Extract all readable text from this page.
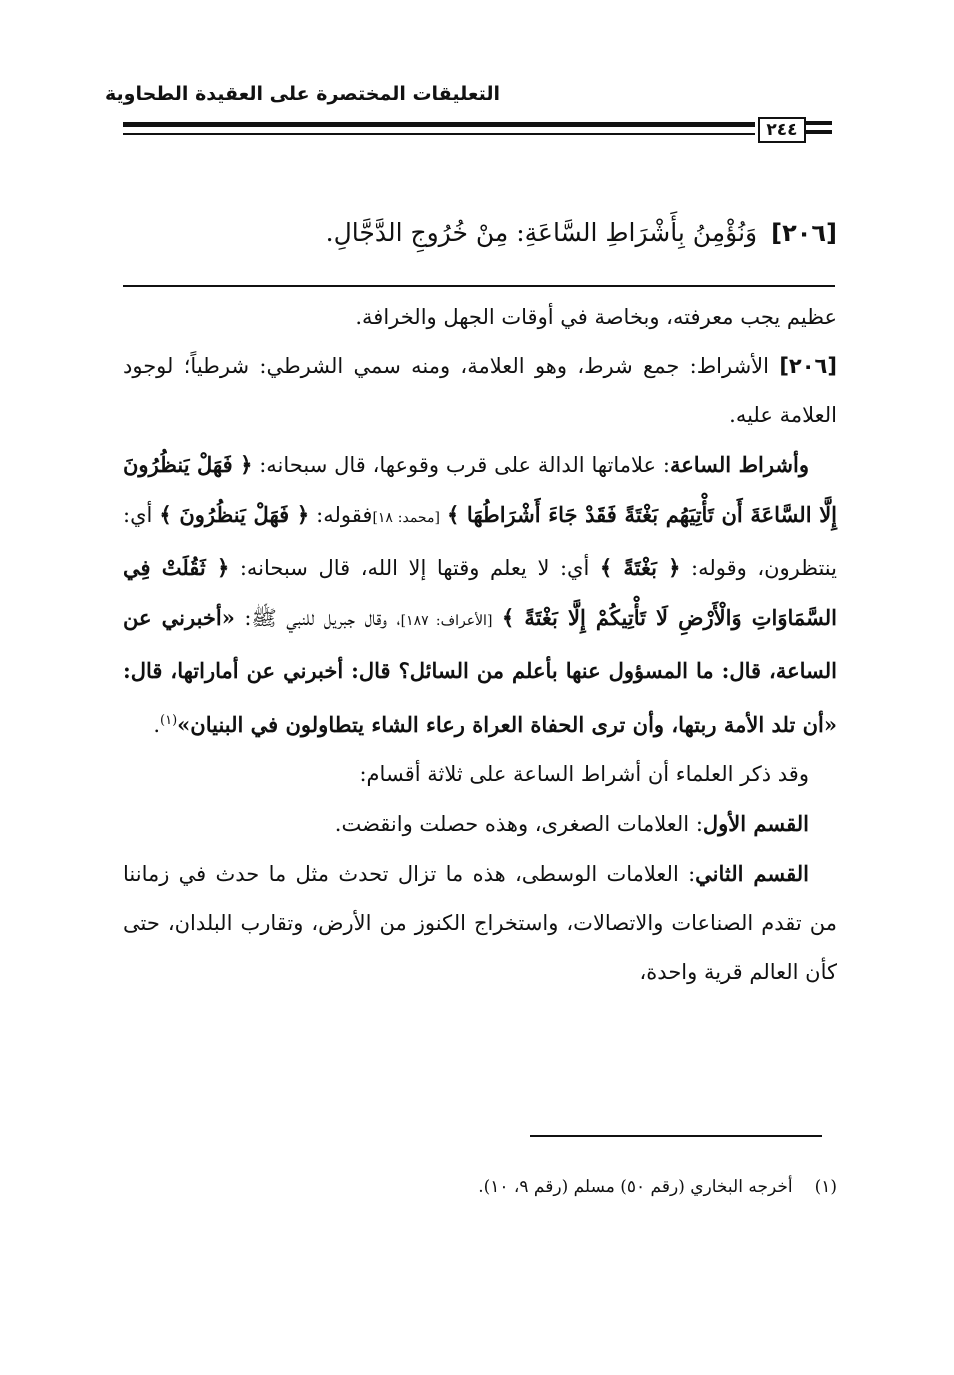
التعليقات المختصرة على العقيدة الطحاوية
٢٤٤
[٢٠٦]وَنُؤْمِنُ بِأَشْرَاطِ السَّاعَةِ: مِنْ خُرُوجِ الدَّجَّالِ.

عظيم يجب معرفته، وبخاصة في أوقات الجهل والخرافة.

[٢٠٦] الأشراط: جمع شرط، وهو العلامة، ومنه سمي الشرطي: شرطياً؛ لوجود العلامة عليه.

وأشراط الساعة: علاماتها الدالة على قرب وقوعها، قال سبحانه: ﴿ فَهَلْ يَنظُرُونَ إِلَّا السَّاعَةَ أَن تَأْتِيَهُم بَغْتَةً فَقَدْ جَاءَ أَشْرَاطُهَا ﴾ [محمد: ١٨]فقوله: ﴿ فَهَلْ يَنظُرُونَ ﴾ أي: ينتظرون، وقوله: ﴿ بَغْتَةً ﴾ أي: لا يعلم وقتها إلا الله، قال سبحانه: ﴿ ثَقُلَتْ فِي السَّمَاوَاتِ وَالْأَرْضِ لَا تَأْتِيكُمْ إِلَّا بَغْتَةً ﴾ [الأعراف: ١٨٧]، وقال جبريل للنبي ﷺ: «أخبرني عن الساعة، قال: ما المسؤول عنها بأعلم من السائل؟ قال: أخبرني عن أماراتها، قال: «أن تلد الأمة ربتها، وأن ترى الحفاة العراة رعاء الشاء يتطاولون في البنيان»$^{(١)}$.

وقد ذكر العلماء أن أشراط الساعة على ثلاثة أقسام:

القسم الأول: العلامات الصغرى، وهذه حصلت وانقضت.

القسم الثاني: العلامات الوسطى، هذه ما تزال تحدث مثل ما حدث في زماننا من تقدم الصناعات والاتصالات، واستخراج الكنوز من الأرض، وتقارب البلدان، حتى كأن العالم قرية واحدة،

(١)أخرجه البخاري (رقم ٥٠) مسلم (رقم ٩، ١٠).
